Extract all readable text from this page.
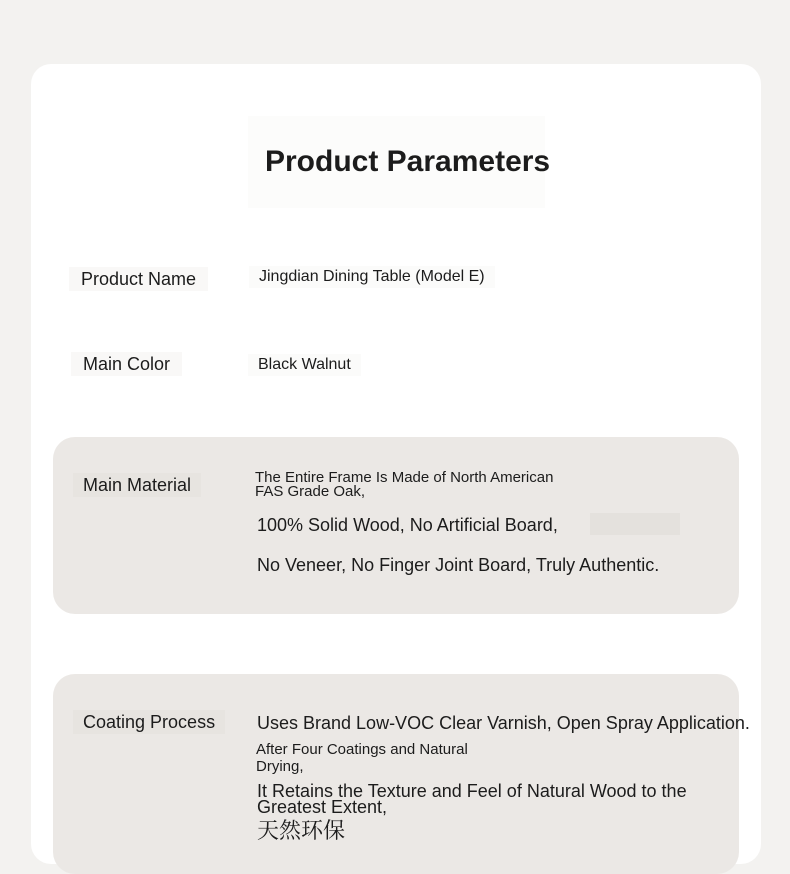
Product Parameters
Product Name	Jingdian Dining Table (Model E)
Main Color	Black Walnut
Main Material	The Entire Frame Is Made of North American
FAS Grade Oak,
100% Solid Wood, No Artificial Board,
No Veneer, No Finger Joint Board, Truly Authentic.
Coating Process	Uses Brand Low-VOC Clear Varnish, Open Spray Application.
After Four Coatings and Natural
Drying,
It Retains the Texture and Feel of Natural Wood to the
Greatest Extent,
天然环保
